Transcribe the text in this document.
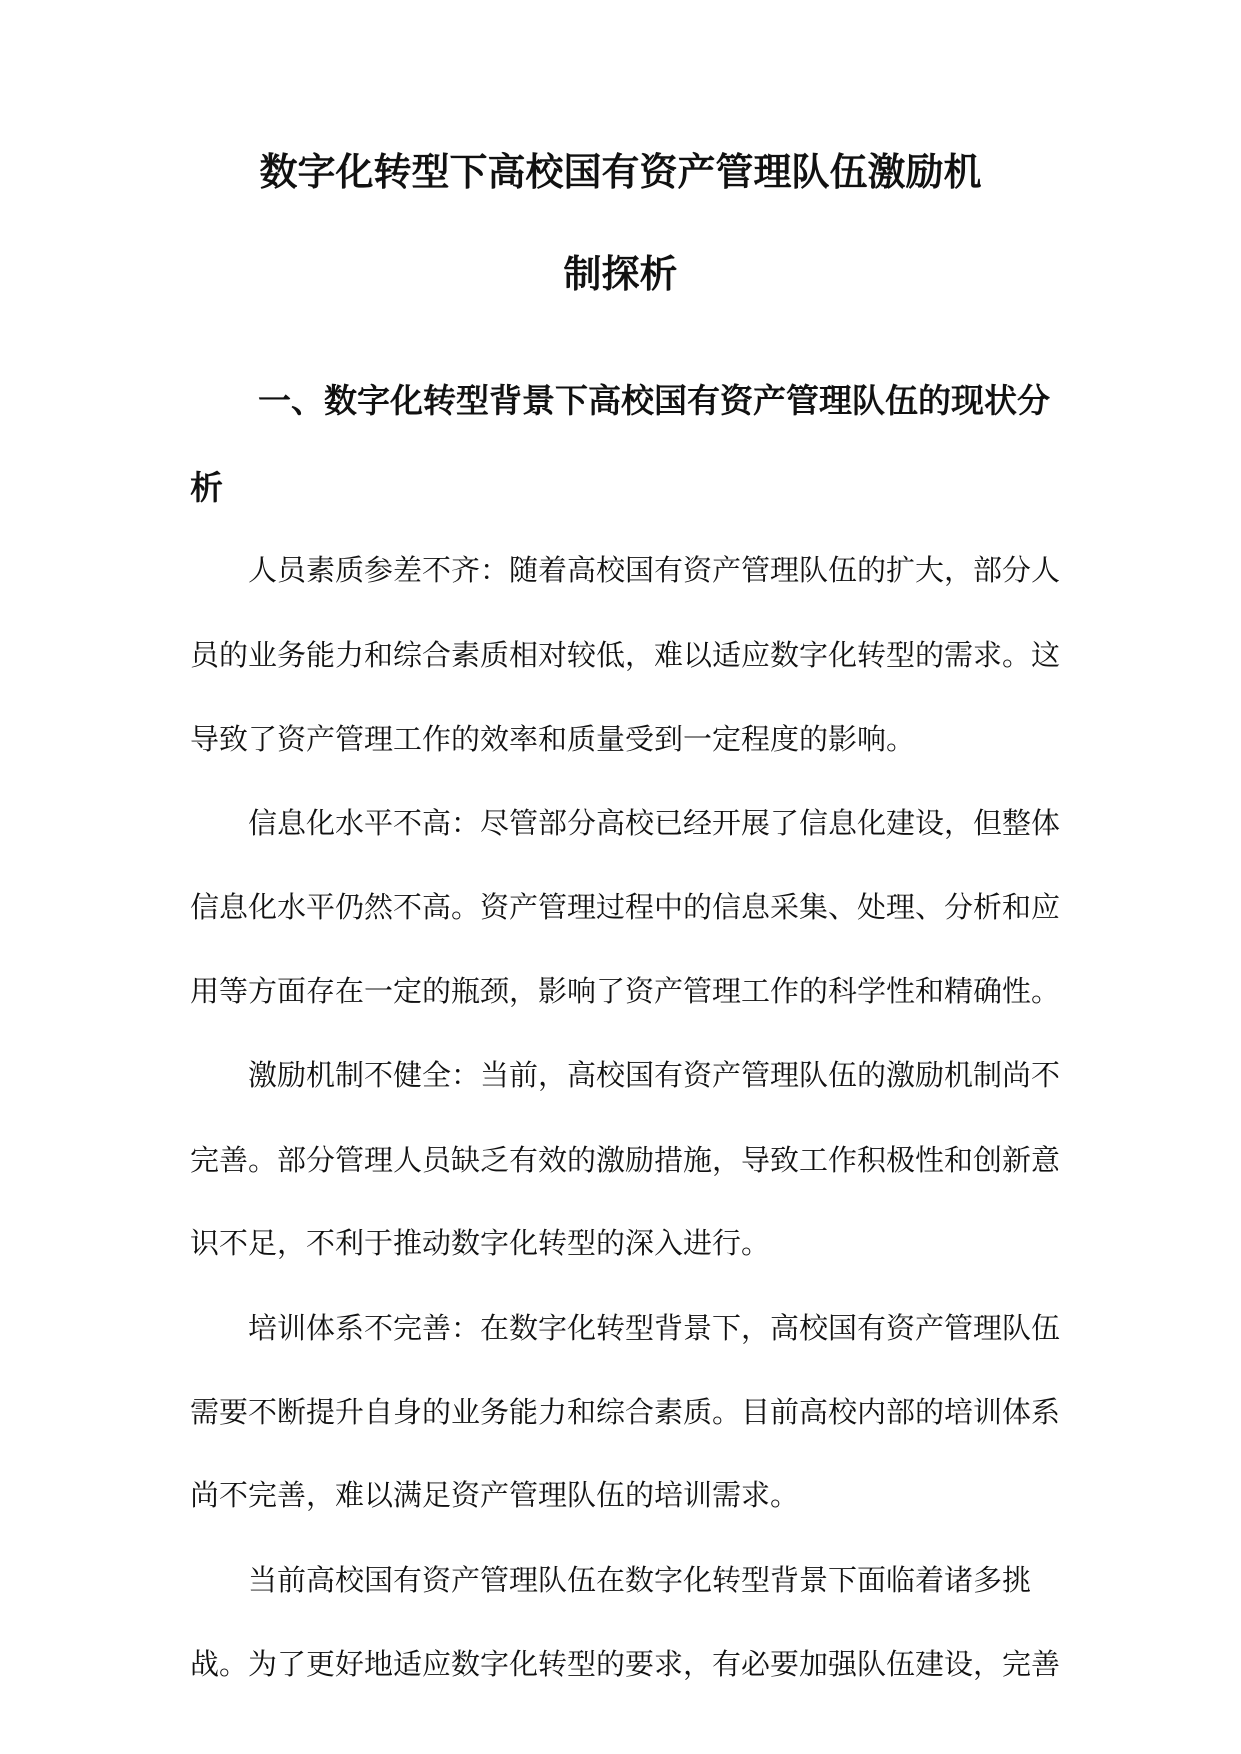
数字化转型下高校国有资产管理队伍激励机
制探析
一、数字化转型背景下高校国有资产管理队伍的现状分
析
人员素质参差不齐：随着高校国有资产管理队伍的扩大，部分人
员的业务能力和综合素质相对较低，难以适应数字化转型的需求。这
导致了资产管理工作的效率和质量受到一定程度的影响。
信息化水平不高：尽管部分高校已经开展了信息化建设，但整体
信息化水平仍然不高。资产管理过程中的信息采集、处理、分析和应
用等方面存在一定的瓶颈，影响了资产管理工作的科学性和精确性。
激励机制不健全：当前，高校国有资产管理队伍的激励机制尚不
完善。部分管理人员缺乏有效的激励措施，导致工作积极性和创新意
识不足，不利于推动数字化转型的深入进行。
培训体系不完善：在数字化转型背景下，高校国有资产管理队伍
需要不断提升自身的业务能力和综合素质。目前高校内部的培训体系
尚不完善，难以满足资产管理队伍的培训需求。
当前高校国有资产管理队伍在数字化转型背景下面临着诸多挑
战。为了更好地适应数字化转型的要求，有必要加强队伍建设，完善
